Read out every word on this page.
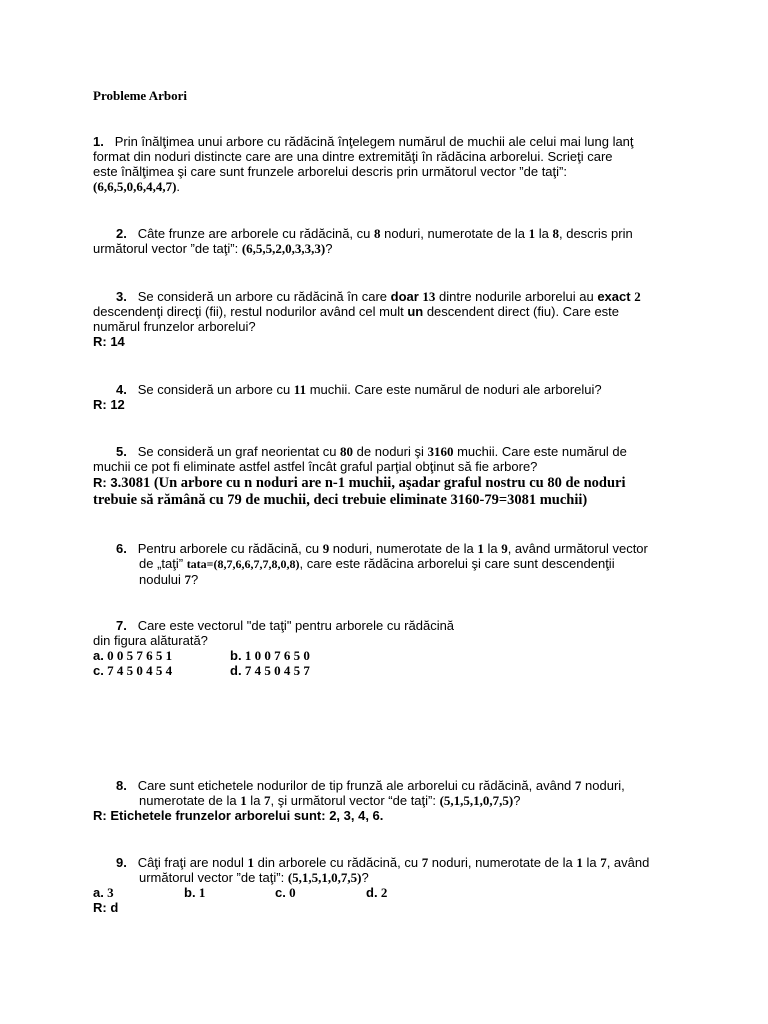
Probleme Arbori
1. Prin înălţimea unui arbore cu rădăcină înţelegem numărul de muchii ale celui mai lung lanţ
format din noduri distincte care are una dintre extremităţi în rădăcina arborelui. Scrieţi care
este înălţimea şi care sunt frunzele arborelui descris prin următorul vector ”de taţi”:
(6,6,5,0,6,4,4,7).
2. Câte frunze are arborele cu rădăcină, cu 8 noduri, numerotate de la 1 la 8, descris prin
următorul vector ”de taţi”: (6,5,5,2,0,3,3,3)?
3. Se consideră un arbore cu rădăcină în care doar 13 dintre nodurile arborelui au exact 2
descendenţi direcţi (fii), restul nodurilor având cel mult un descendent direct (fiu). Care este
numărul frunzelor arborelui?
R: 14
4. Se consideră un arbore cu 11 muchii. Care este numărul de noduri ale arborelui?
R: 12
5. Se consideră un graf neorientat cu 80 de noduri şi 3160 muchii. Care este numărul de
muchii ce pot fi eliminate astfel astfel încât graful parţial obţinut să fie arbore?
R: 3.3081 (Un arbore cu n noduri are n-1 muchii, aşadar graful nostru cu 80 de noduri
trebuie să rămână cu 79 de muchii, deci trebuie eliminate 3160-79=3081 muchii)
6. Pentru arborele cu rădăcină, cu 9 noduri, numerotate de la 1 la 9, având următorul vector
de „taţi” tata=(8,7,6,6,7,7,8,0,8), care este rădăcina arborelui şi care sunt descendenţii
nodului 7?
7. Care este vectorul "de taţi" pentru arborele cu rădăcină
din figura alăturată?
a. 0 0 5 7 6 5 1	b. 1 0 0 7 6 5 0
c. 7 4 5 0 4 5 4	d. 7 4 5 0 4 5 7
8. Care sunt etichetele nodurilor de tip frunză ale arborelui cu rădăcină, având 7 noduri,
numerotate de la 1 la 7, şi următorul vector “de taţi”: (5,1,5,1,0,7,5)?
R: Etichetele frunzelor arborelui sunt: 2, 3, 4, 6.
9. Câţi fraţi are nodul 1 din arborele cu rădăcină, cu 7 noduri, numerotate de la 1 la 7, având
următorul vector ”de taţi”: (5,1,5,1,0,7,5)?
a. 3	b. 1	c. 0	d. 2
R: d
